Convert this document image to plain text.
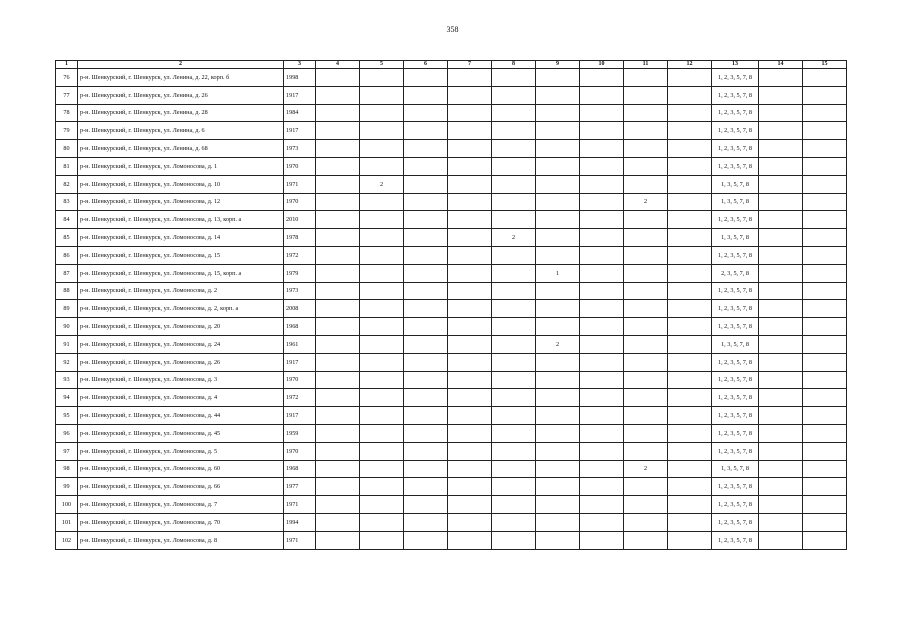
358
1	2	3	4	5	6	7	8	9	10	11	12	13	14	15
76	р-н. Шенкурский, г. Шенкурск, ул. Ленина, д. 22, корп. б	1998										1, 2, 3, 5, 7, 8		
77	р-н. Шенкурский, г. Шенкурск, ул. Ленина, д. 26	1917										1, 2, 3, 5, 7, 8		
78	р-н. Шенкурский, г. Шенкурск, ул. Ленина, д. 28	1984										1, 2, 3, 5, 7, 8		
79	р-н. Шенкурский, г. Шенкурск, ул. Ленина, д. 6	1917										1, 2, 3, 5, 7, 8		
80	р-н. Шенкурский, г. Шенкурск, ул. Ленина, д. 68	1973										1, 2, 3, 5, 7, 8		
81	р-н. Шенкурский, г. Шенкурск, ул. Ломоносова, д. 1	1970										1, 2, 3, 5, 7, 8		
82	р-н. Шенкурский, г. Шенкурск, ул. Ломоносова, д. 10	1971		2								1, 3, 5, 7, 8		
83	р-н. Шенкурский, г. Шенкурск, ул. Ломоносова, д. 12	1970								2		1, 3, 5, 7, 8		
84	р-н. Шенкурский, г. Шенкурск, ул. Ломоносова, д. 13, корп. а	2010										1, 2, 3, 5, 7, 8		
85	р-н. Шенкурский, г. Шенкурск, ул. Ломоносова, д. 14	1978					2					1, 3, 5, 7, 8		
86	р-н. Шенкурский, г. Шенкурск, ул. Ломоносова, д. 15	1972										1, 2, 3, 5, 7, 8		
87	р-н. Шенкурский, г. Шенкурск, ул. Ломоносова, д. 15, корп. а	1979						1				2, 3, 5, 7, 8		
88	р-н. Шенкурский, г. Шенкурск, ул. Ломоносова, д. 2	1973										1, 2, 3, 5, 7, 8		
89	р-н. Шенкурский, г. Шенкурск, ул. Ломоносова, д. 2, корп. а	2008										1, 2, 3, 5, 7, 8		
90	р-н. Шенкурский, г. Шенкурск, ул. Ломоносова, д. 20	1968										1, 2, 3, 5, 7, 8		
91	р-н. Шенкурский, г. Шенкурск, ул. Ломоносова, д. 24	1961						2				1, 3, 5, 7, 8		
92	р-н. Шенкурский, г. Шенкурск, ул. Ломоносова, д. 26	1917										1, 2, 3, 5, 7, 8		
93	р-н. Шенкурский, г. Шенкурск, ул. Ломоносова, д. 3	1970										1, 2, 3, 5, 7, 8		
94	р-н. Шенкурский, г. Шенкурск, ул. Ломоносова, д. 4	1972										1, 2, 3, 5, 7, 8		
95	р-н. Шенкурский, г. Шенкурск, ул. Ломоносова, д. 44	1917										1, 2, 3, 5, 7, 8		
96	р-н. Шенкурский, г. Шенкурск, ул. Ломоносова, д. 45	1959										1, 2, 3, 5, 7, 8		
97	р-н. Шенкурский, г. Шенкурск, ул. Ломоносова, д. 5	1970										1, 2, 3, 5, 7, 8		
98	р-н. Шенкурский, г. Шенкурск, ул. Ломоносова, д. 60	1968								2		1, 3, 5, 7, 8		
99	р-н. Шенкурский, г. Шенкурск, ул. Ломоносова, д. 66	1977										1, 2, 3, 5, 7, 8		
100	р-н. Шенкурский, г. Шенкурск, ул. Ломоносова, д. 7	1971										1, 2, 3, 5, 7, 8		
101	р-н. Шенкурский, г. Шенкурск, ул. Ломоносова, д. 70	1994										1, 2, 3, 5, 7, 8		
102	р-н. Шенкурский, г. Шенкурск, ул. Ломоносова, д. 8	1971										1, 2, 3, 5, 7, 8		
